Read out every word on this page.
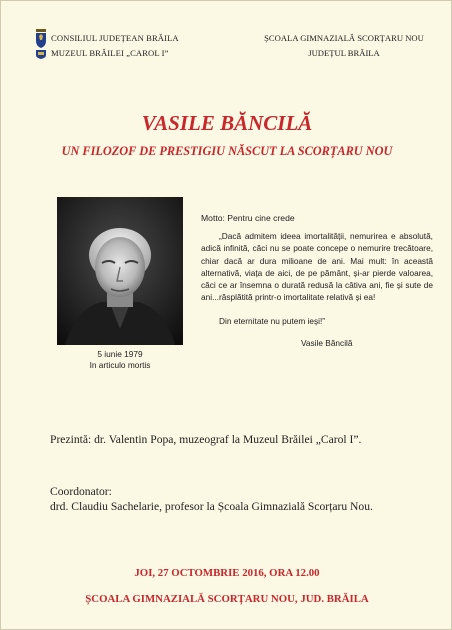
CONSILIUL JUDEȚEAN BRĂILA
MUZEUL BRĂILEI „CAROL I”
ȘCOALA GIMNAZIALĂ SCORȚARU NOU
JUDEȚUL BRĂILA
VASILE BĂNCILĂ
UN FILOZOF DE PRESTIGIU NĂSCUT LA SCORȚARU NOU
5 iunie 1979
In articulo mortis
Motto: Pentru cine crede

„Dacă admitem ideea imortalității, nemurirea e absolută, adică infinită, căci nu se poate concepe o nemurire trecătoare, chiar dacă ar dura milioane de ani. Mai mult: în această alternativă, viața de aici, de pe pământ, și-ar pierde valoarea, căci ce ar însemna o durată redusă la câtiva ani, fie și sute de ani...răsplătită printr-o imortalitate relativă și ea!

Din eternitate nu putem ieși!”
Vasile Băncilă
Prezintă: dr. Valentin Popa, muzeograf la Muzeul Brăilei „Carol I”.
Coordonator:
drd. Claudiu Sachelarie, profesor la Școala Gimnazială Scorțaru Nou.
JOI, 27 OCTOMBRIE 2016, ORA 12.00
ȘCOALA GIMNAZIALĂ SCORȚARU NOU, JUD. BRĂILA
